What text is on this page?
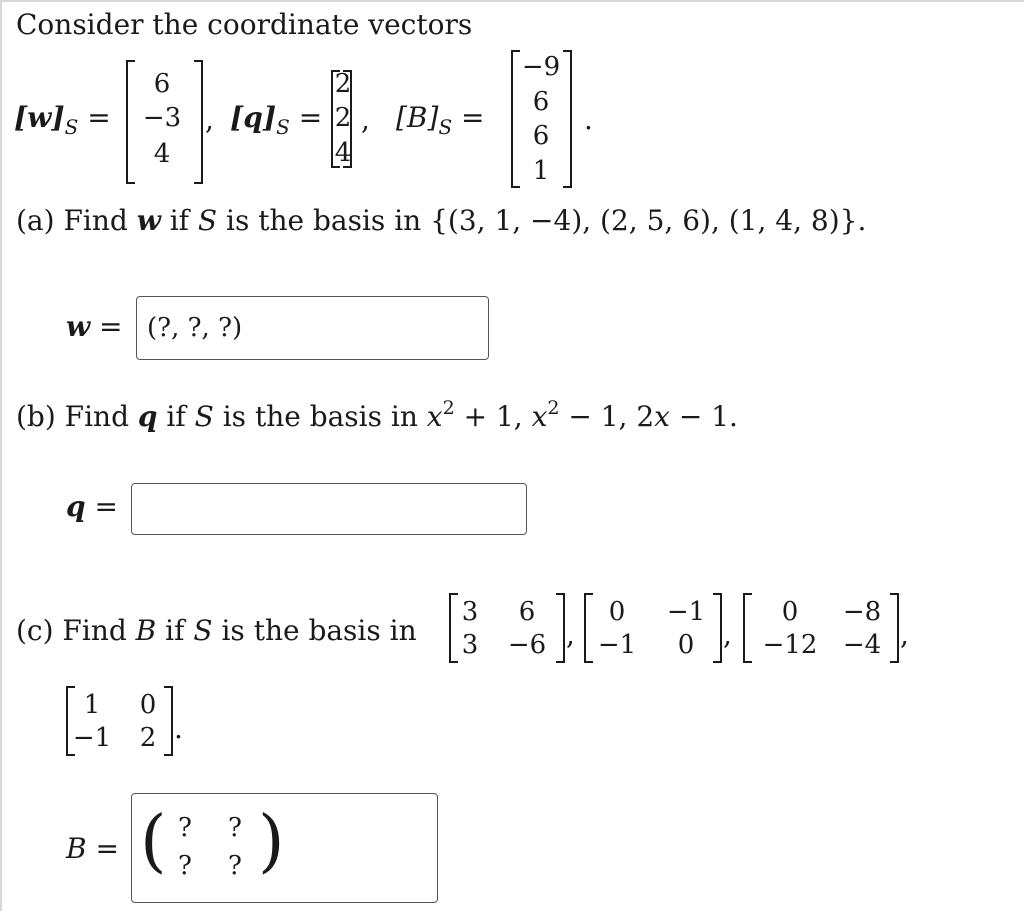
Consider the coordinate vectors
$[w]_S$ =
6
−3
4
, $[q]_S$ =
2
2
4
, $[B]_S$ =
−9
6
6
1
.
(a) Find w if S is the basis in {(3, 1, −4), (2, 5, 6), (1, 4, 8)}.
w =
(?, ?, ?)
(b) Find q if S is the basis in $x^2 + 1$, $x^2 - 1$, 2x − 1.
q =
(c) Find B if S is the basis in
3	6
3	−6 ,
0	−1
−1	0	,
0	−8
−12 −4 ,
1	0
−1	2 .
B = ( )
?	?
?	?
